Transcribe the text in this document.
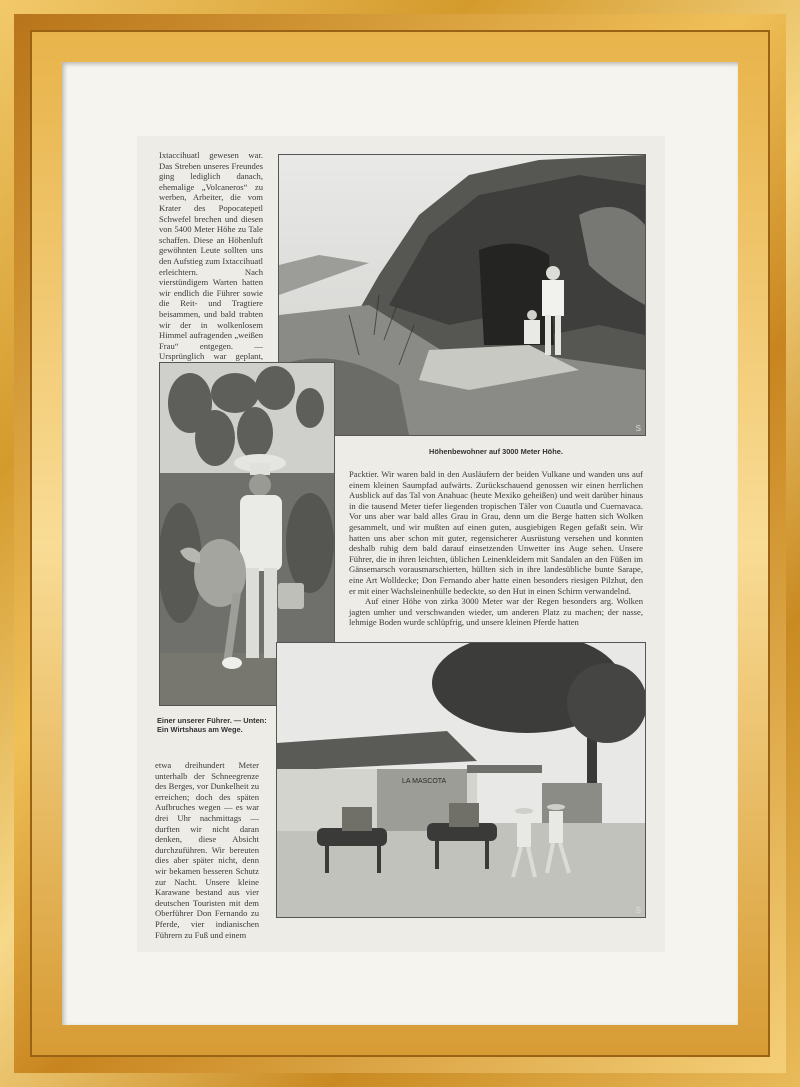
Ixtaccihuatl gewesen war. Das Streben unseres Freundes ging lediglich danach, ehemalige „Volcaneros“ zu werben, Arbeiter, die vom Krater des Popocatepetl Schwefel brechen und diesen von 5400 Meter Höhe zu Tale schaffen. Diese an Höhenluft gewöhnten Leute sollten uns den Aufstieg zum Ixtaccihuatl erleichtern. Nach vierstündigem Warten hatten wir endlich die Führer sowie die Reit- und Tragtiere beisammen, und bald trabten wir der in wolkenlosem Himmel aufragenden „weißen Frau“ entgegen. — Ursprünglich war geplant,

S

Höhenbewohner auf 3000 Meter Höhe.

Packtier. Wir waren bald in den Ausläufern der beiden Vulkane und wanden uns auf einem kleinen Saumpfad aufwärts. Zurückschauend genossen wir einen herrlichen Ausblick auf das Tal von Anahuac (heute Mexiko geheißen) und weit darüber hinaus in die tausend Meter tiefer liegenden tropischen Täler von Cuautla und Cuernavaca. Vor uns aber war bald alles Grau in Grau, denn um die Berge hatten sich Wolken gesammelt, und wir mußten auf einen guten, ausgiebigen Regen gefaßt sein. Wir hatten uns aber schon mit guter, regensicherer Ausrüstung versehen und konnten deshalb ruhig dem bald darauf einsetzenden Unwetter ins Auge sehen. Unsere Führer, die in ihren leichten, üblichen Leinenkleidern mit Sandalen an den Füßen im Gänsemarsch vorausmarschierten, hüllten sich in ihre landesübliche bunte Sarape, eine Art Wolldecke; Don Fernando aber hatte einen besonders riesigen Pilzhut, den er mit einer Wachsleinenhülle bedeckte, so den Hut in einen Schirm verwandelnd.

Auf einer Höhe von zirka 3000 Meter war der Regen besonders arg. Wolken jagten umher und verschwanden wieder, um anderen Platz zu machen; der nasse, lehmige Boden wurde schlüpfrig, und unsere kleinen Pferde hatten

Einer unserer Führer. — Unten: Ein Wirtshaus am Wege.

LA MASCOTA
S

etwa dreihundert Meter unterhalb der Schneegrenze des Berges, vor Dunkelheit zu erreichen; doch des späten Aufbruches wegen — es war drei Uhr nachmittags — durften wir nicht daran denken, diese Absicht durchzuführen. Wir bereuten dies aber später nicht, denn wir bekamen besseren Schutz zur Nacht. Unsere kleine Karawane bestand aus vier deutschen Touristen mit dem Oberführer Don Fernando zu Pferde, vier indianischen Führern zu Fuß und einem
